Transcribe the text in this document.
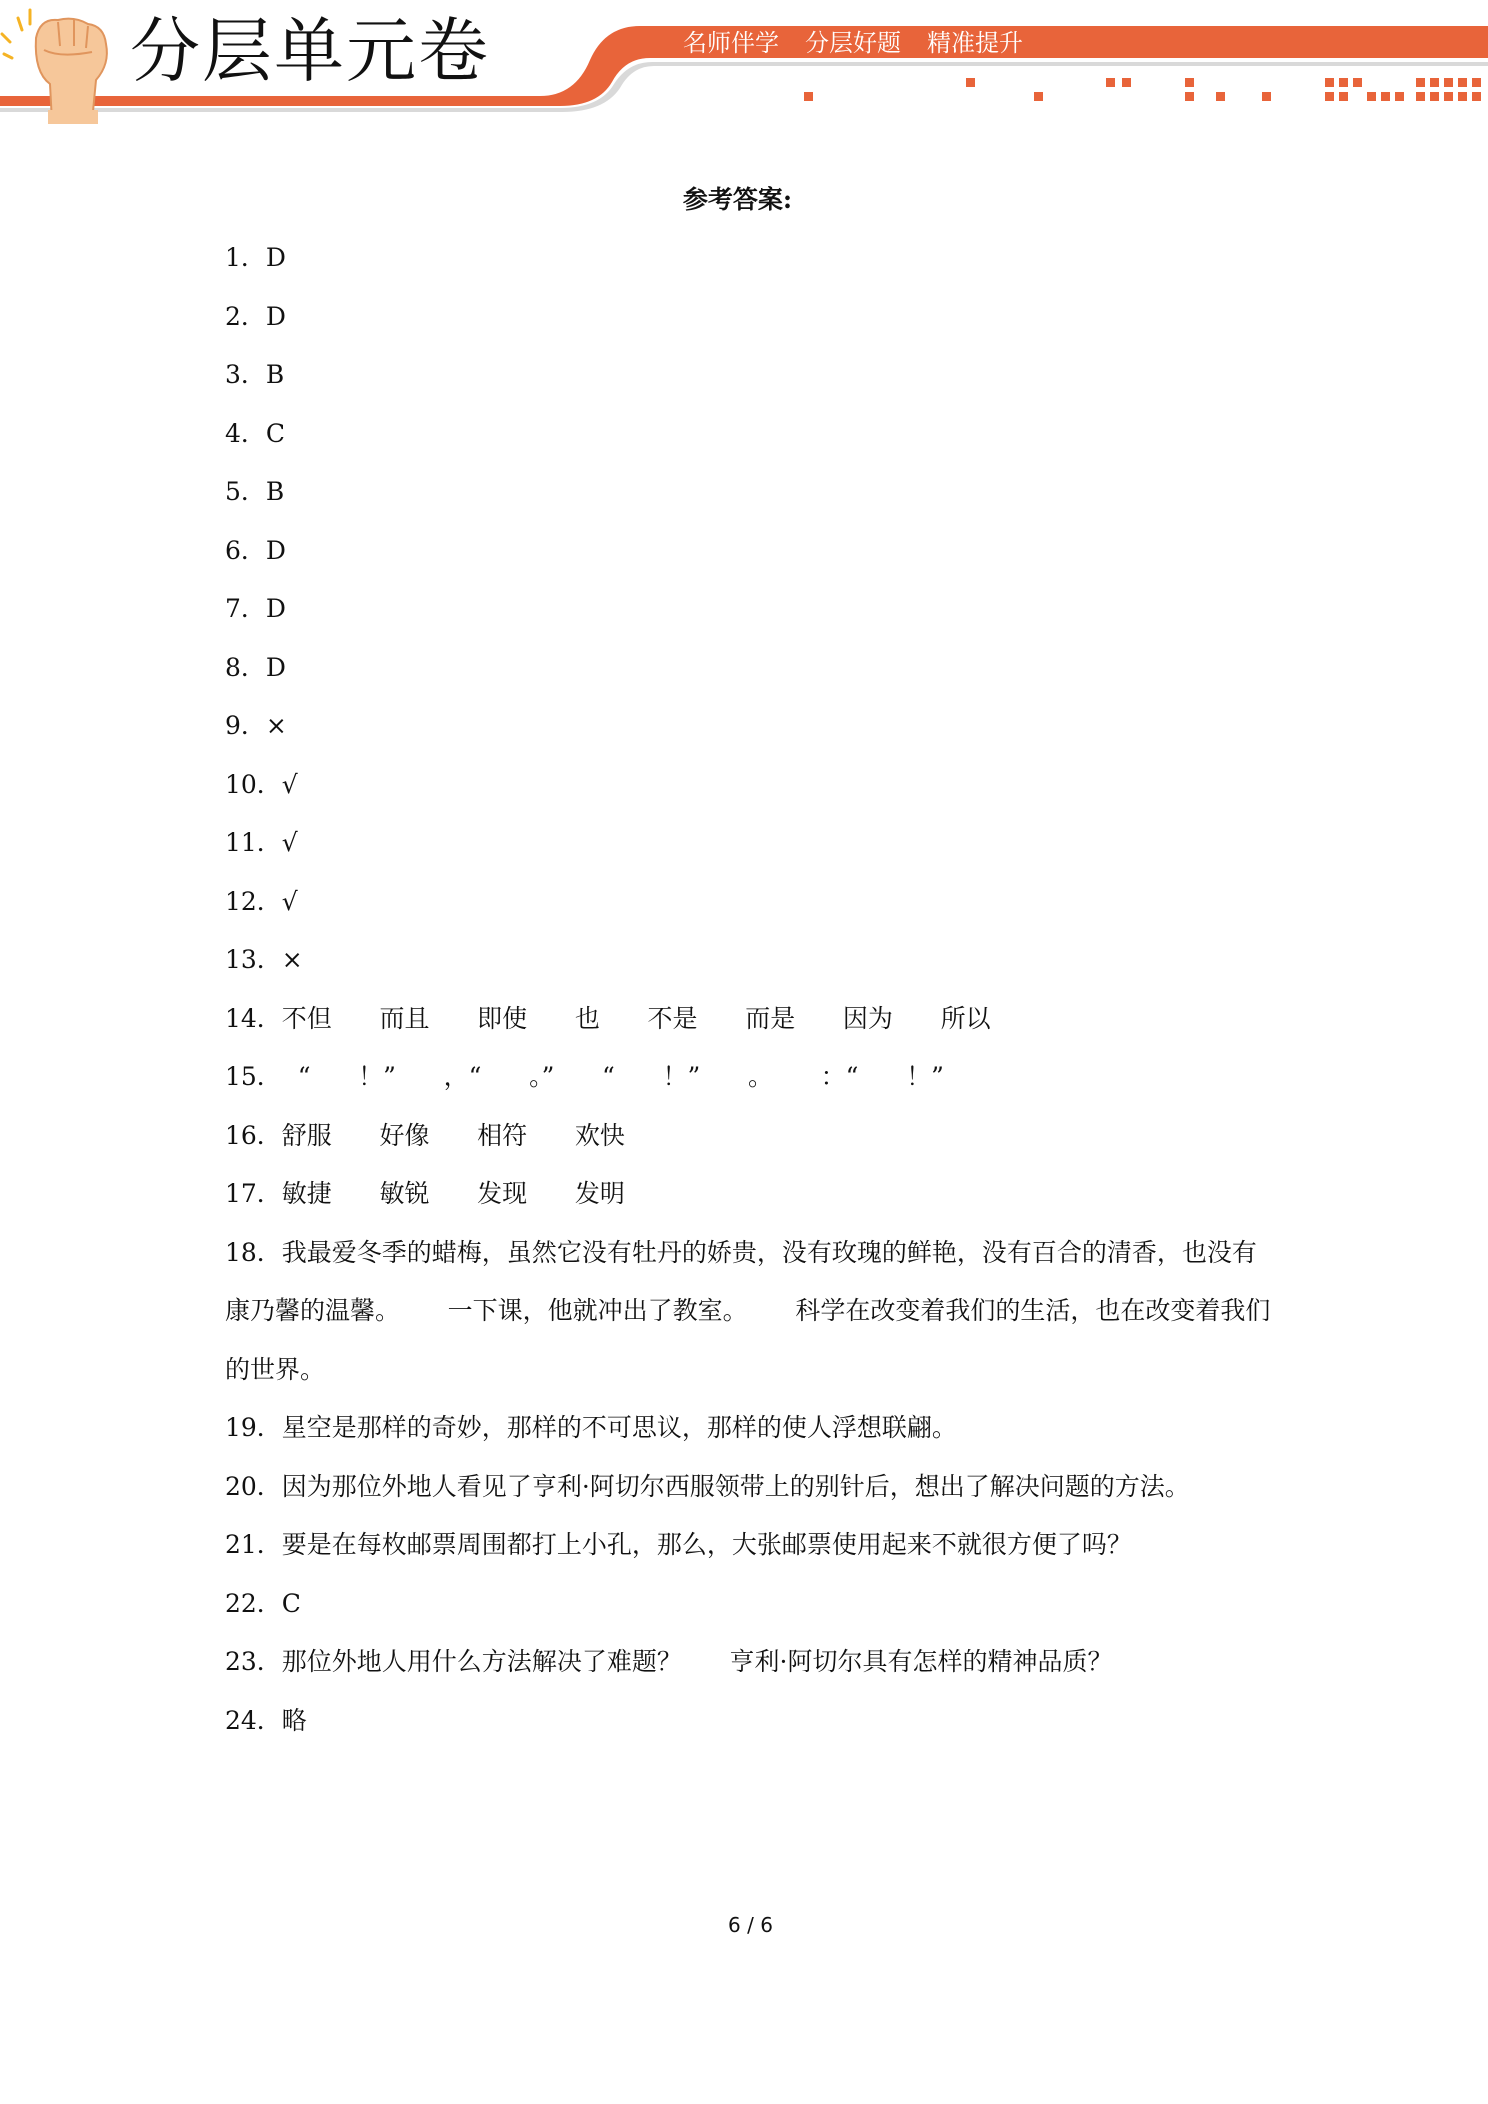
分层单元卷	名师伴学 分层好题 精准提升
参考答案:
1．D
2．D
3．B
4．C
5．B
6．D
7．D
8．D
9．×
10．√
11．√
12．√
13．×
14．不但      而且      即使      也      不是      而是      因为      所以
15．  “      ！”      ，“      。”      “      ！”      。      ：“      ！”
16．舒服      好像      相符      欢快
17．敏捷      敏锐      发现      发明
18．我最爱冬季的蜡梅，虽然它没有牡丹的娇贵，没有玫瑰的鲜艳，没有百合的清香，也没有康乃馨的温馨。      一下课，他就冲出了教室。      科学在改变着我们的生活，也在改变着我们的世界。
19．星空是那样的奇妙，那样的不可思议，那样的使人浮想联翩。
20．因为那位外地人看见了亨利·阿切尔西服领带上的别针后，想出了解决问题的方法。
21．要是在每枚邮票周围都打上小孔，那么，大张邮票使用起来不就很方便了吗？
22．C
23．那位外地人用什么方法解决了难题？      亨利·阿切尔具有怎样的精神品质？
24．略
6 / 6
